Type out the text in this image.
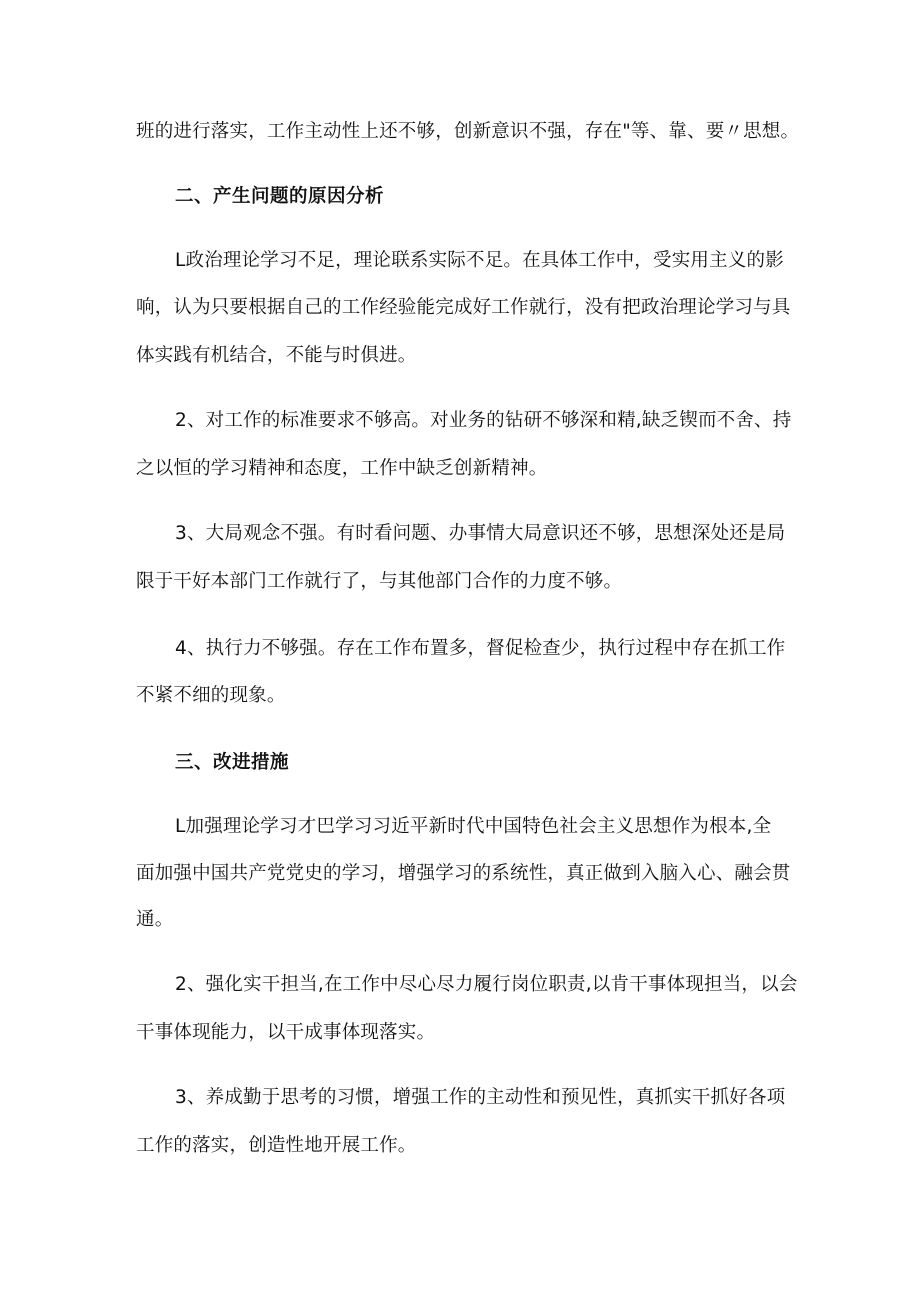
班的进行落实，工作主动性上还不够，创新意识不强，存在"等、靠、要〃思想。
二、产生问题的原因分析
L政治理论学习不足，理论联系实际不足。在具体工作中，受实用主义的影
响，认为只要根据自己的工作经验能完成好工作就行，没有把政治理论学习与具
体实践有机结合，不能与时俱进。
2、对工作的标准要求不够高。对业务的钻研不够深和精,缺乏锲而不舍、持
之以恒的学习精神和态度，工作中缺乏创新精神。
3、大局观念不强。有时看问题、办事情大局意识还不够，思想深处还是局
限于干好本部门工作就行了，与其他部门合作的力度不够。
4、执行力不够强。存在工作布置多，督促检查少，执行过程中存在抓工作
不紧不细的现象。
三、改进措施
L加强理论学习才巴学习习近平新时代中国特色社会主义思想作为根本,全
面加强中国共产党党史的学习，增强学习的系统性，真正做到入脑入心、融会贯
通。
2、强化实干担当,在工作中尽心尽力履行岗位职责,以肯干事体现担当，以会
干事体现能力，以干成事体现落实。
3、养成勤于思考的习惯，增强工作的主动性和预见性，真抓实干抓好各项
工作的落实，创造性地开展工作。
